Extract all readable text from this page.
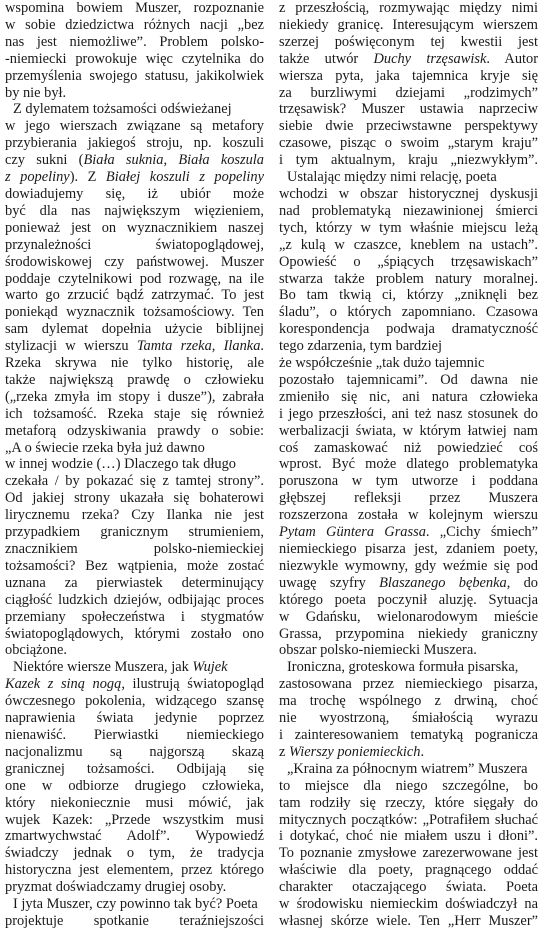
wspomina bowiem Muszer, rozpoznanie
w sobie dziedzictwa różnych nacji „bez
nas jest niemożliwe”. Problem polsko-
-niemiecki prowokuje więc czytelnika do
przemyślenia swojego statusu, jakikolwiek
by nie był.
Z dylematem tożsamości odświeżanej
w jego wierszach związane są metafory
przybierania jakiegoś stroju, np. koszuli
czy sukni (Biała suknia, Biała koszula
z popeliny). Z Białej koszuli z popeliny
dowiadujemy się, iż ubiór może
być dla nas największym więzieniem,
ponieważ jest on wyznacznikiem naszej
przynależności światopoglądowej,
środowiskowej czy państwowej. Muszer
poddaje czytelnikowi pod rozwagę, na ile
warto go zrzucić bądź zatrzymać. To jest
poniekąd wyznacznik tożsamościowy. Ten
sam dylemat dopełnia użycie biblijnej
stylizacji w wierszu Tamta rzeka, Ilanka.
Rzeka skrywa nie tylko historię, ale
także największą prawdę o człowieku
(„rzeka zmyła im stopy i dusze”), zabrała
ich tożsamość. Rzeka staje się również
metaforą odzyskiwania prawdy o sobie:
„A o świecie rzeka była już dawno
w innej wodzie (…) Dlaczego tak długo
czekała / by pokazać się z tamtej strony”.
Od jakiej strony ukazała się bohaterowi
lirycznemu rzeka? Czy Ilanka nie jest
przypadkiem granicznym strumieniem,
znacznikiem polsko-niemieckiej
tożsamości? Bez wątpienia, może zostać
uznana za pierwiastek determinujący
ciągłość ludzkich dziejów, odbijając proces
przemiany społeczeństwa i stygmatów
światopoglądowych, którymi zostało ono
obciążone.
Niektóre wiersze Muszera, jak Wujek
Kazek z siną nogą, ilustrują światopogląd
ówczesnego pokolenia, widzącego szansę
naprawienia świata jedynie poprzez
nienawiść. Pierwiastki niemieckiego
nacjonalizmu są najgorszą skazą
granicznej tożsamości. Odbijają się
one w odbiorze drugiego człowieka,
który niekoniecznie musi mówić, jak
wujek Kazek: „Przede wszystkim musi
zmartwychwstać Adolf”. Wypowiedź
świadczy jednak o tym, że tradycja
historyczna jest elementem, przez którego
pryzmat doświadczamy drugiej osoby.
I jyta Muszer, czy powinno tak być? Poeta
projektuje spotkanie teraźniejszości
z przeszłością, rozmywając między nimi
niekiedy granicę. Interesującym wierszem
szerzej poświęconym tej kwestii jest
także utwór Duchy trzęsawisk. Autor
wiersza pyta, jaka tajemnica kryje się
za burzliwymi dziejami „rodzimych”
trzęsawisk? Muszer ustawia naprzeciw
siebie dwie przeciwstawne perspektywy
czasowe, pisząc o swoim „starym kraju”
i tym aktualnym, kraju „niezwykłym”.
Ustalając między nimi relację, poeta
wchodzi w obszar historycznej dyskusji
nad problematyką niezawinionej śmierci
tych, którzy w tym właśnie miejscu leżą
„z kulą w czaszce, kneblem na ustach”.
Opowieść o „śpiących trzęsawiskach”
stwarza także problem natury moralnej.
Bo tam tkwią ci, którzy „zniknęli bez
śladu”, o których zapomniano. Czasowa
korespondencja podwaja dramatyczność
tego zdarzenia, tym bardziej
że współcześnie „tak dużo tajemnic
pozostało tajemnicami”. Od dawna nie
zmieniło się nic, ani natura człowieka
i jego przeszłości, ani też nasz stosunek do
werbalizacji świata, w którym łatwiej nam
coś zamaskować niż powiedzieć coś
wprost. Być może dlatego problematyka
poruszona w tym utworze i poddana
głębszej refleksji przez Muszera
rozszerzona została w kolejnym wierszu
Pytam Güntera Grassa. „Cichy śmiech”
niemieckiego pisarza jest, zdaniem poety,
niezwykle wymowny, gdy weźmie się pod
uwagę szyfry Blaszanego bębenka, do
którego poeta poczynił aluzję. Sytuacja
w Gdańsku, wielonarodowym mieście
Grassa, przypomina niekiedy graniczny
obszar polsko-niemiecki Muszera.
Ironiczna, groteskowa formuła pisarska,
zastosowana przez niemieckiego pisarza,
ma trochę wspólnego z drwiną, choć
nie wyostrzoną, śmiałością wyrazu
i zainteresowaniem tematyką pogranicza
z Wierszy poniemieckich.
„Kraina za północnym wiatrem” Muszera
to miejsce dla niego szczególne, bo
tam rodziły się rzeczy, które sięgały do
mitycznych początków: „Potrafiłem słuchać
i dotykać, choć nie miałem uszu i dłoni”.
To poznanie zmysłowe zarezerwowane jest
właściwie dla poety, pragnącego oddać
charakter otaczającego świata. Poeta
w środowisku niemieckim doświadczył na
własnej skórze wiele. Ten „Herr Muszer”
